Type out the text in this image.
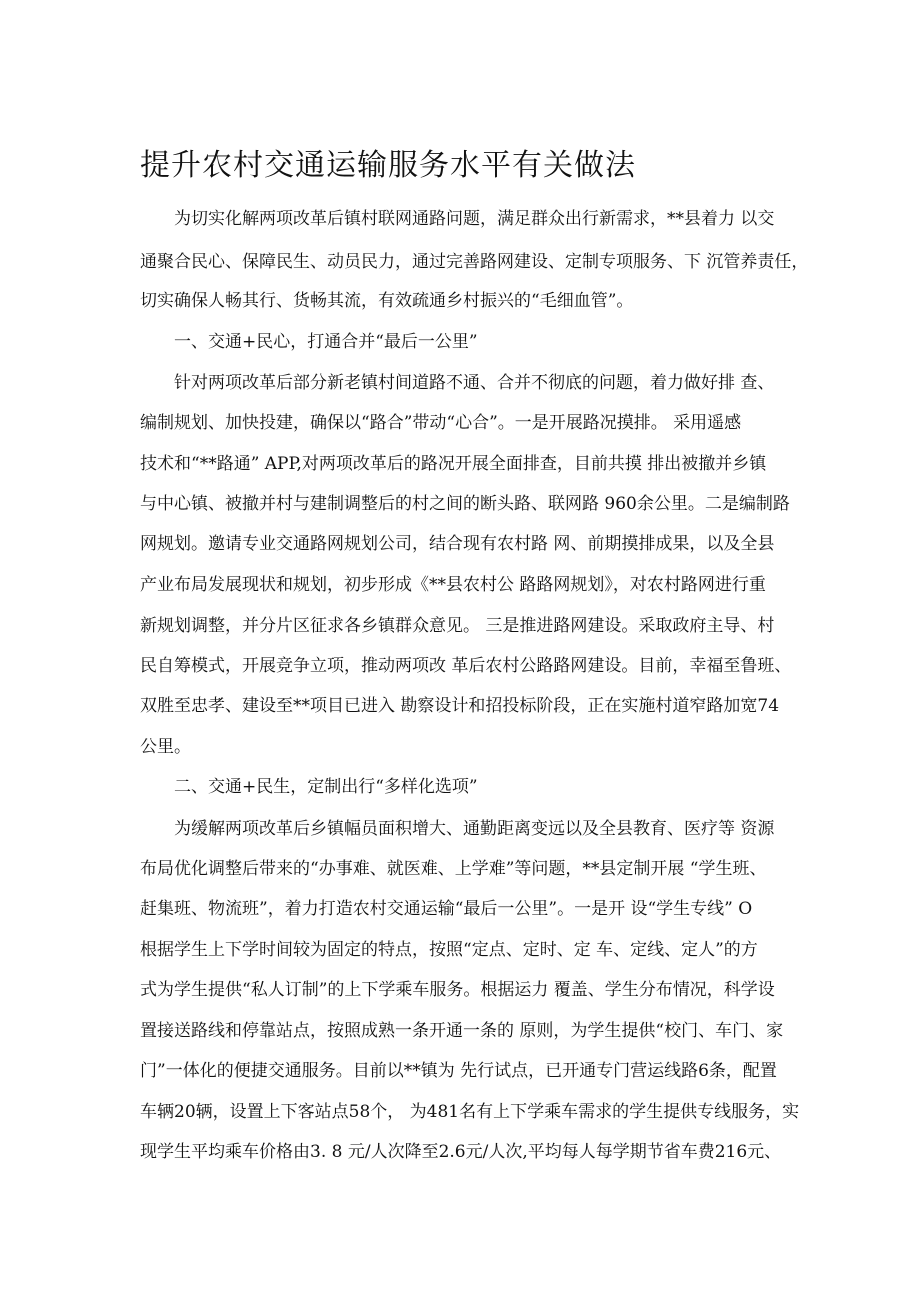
提升农村交通运输服务水平有关做法
为切实化解两项改革后镇村联网通路问题，满足群众出行新需求，**县着力 以交
通聚合民心、保障民生、动员民力，通过完善路网建设、定制专项服务、下 沉管养责任，
切实确保人畅其行、货畅其流，有效疏通乡村振兴的“毛细血管”。
一、交通+民心，打通合并“最后一公里”
针对两项改革后部分新老镇村间道路不通、合并不彻底的问题，着力做好排 查、
编制规划、加快投建，确保以“路合”带动“心合”。一是开展路况摸排。 采用遥感
技术和“**路通” APP,对两项改革后的路况开展全面排查，目前共摸 排出被撤并乡镇
与中心镇、被撤并村与建制调整后的村之间的断头路、联网路 960余公里。二是编制路
网规划。邀请专业交通路网规划公司，结合现有农村路 网、前期摸排成果，以及全县
产业布局发展现状和规划，初步形成《**县农村公 路路网规划》，对农村路网进行重
新规划调整，并分片区征求各乡镇群众意见。 三是推进路网建设。采取政府主导、村
民自筹模式，开展竞争立项，推动两项改 革后农村公路路网建设。目前，幸福至鲁班、
双胜至忠孝、建设至**项目已进入 勘察设计和招投标阶段，正在实施村道窄路加宽74
公里。
二、交通+民生，定制出行“多样化选项”
为缓解两项改革后乡镇幅员面积增大、通勤距离变远以及全县教育、医疗等 资源
布局优化调整后带来的“办事难、就医难、上学难”等问题，**县定制开展 “学生班、
赶集班、物流班”，着力打造农村交通运输“最后一公里”。一是开 设“学生专线” O
根据学生上下学时间较为固定的特点，按照“定点、定时、定 车、定线、定人”的方
式为学生提供“私人订制”的上下学乘车服务。根据运力 覆盖、学生分布情况，科学设
置接送路线和停靠站点，按照成熟一条开通一条的 原则，为学生提供“校门、车门、家
门”一体化的便捷交通服务。目前以**镇为 先行试点，已开通专门营运线路6条，配置
车辆20辆，设置上下客站点58个， 为481名有上下学乘车需求的学生提供专线服务，实
现学生平均乘车价格由3. 8 元/人次降至2.6元/人次,平均每人每学期节省车费216元、
